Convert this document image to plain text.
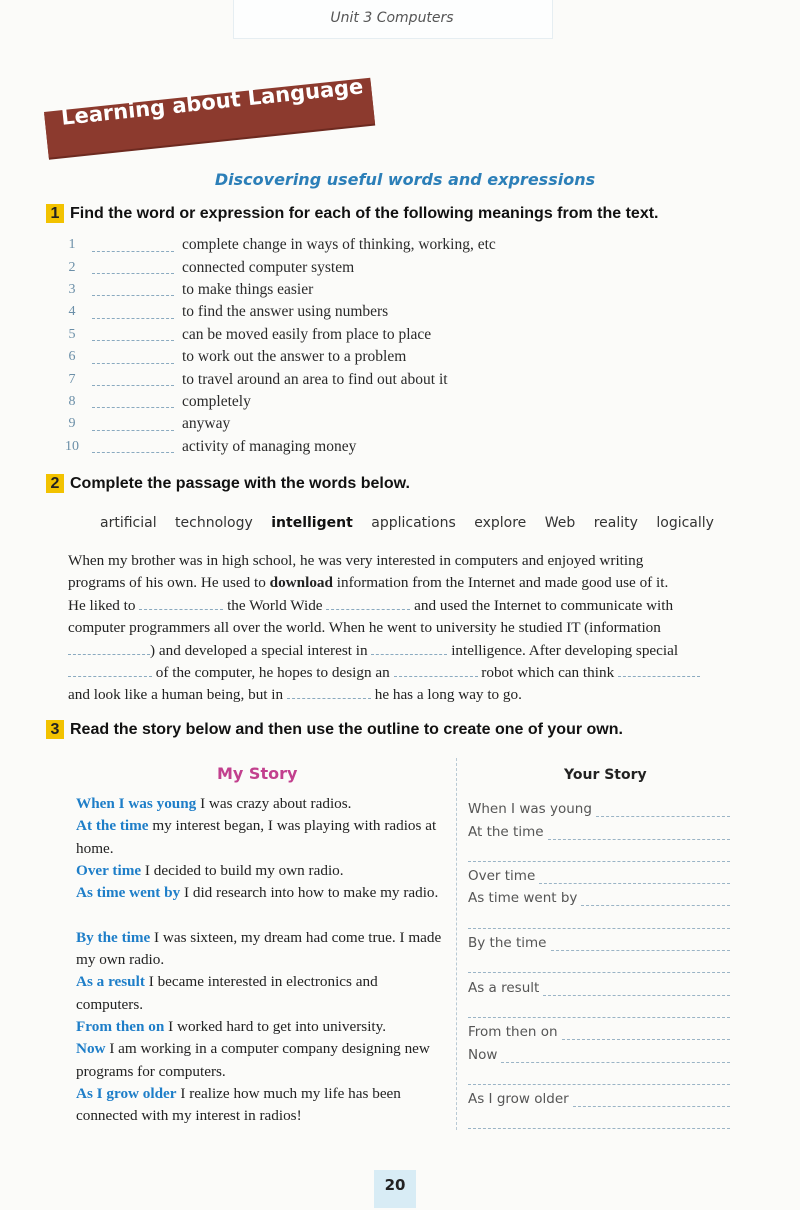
Unit 3 Computers
Learning about Language
Discovering useful words and expressions
1 Find the word or expression for each of the following meanings from the text.
1	complete change in ways of thinking, working, etc
2	connected computer system
3	to make things easier
4	to find the answer using numbers
5	can be moved easily from place to place
6	to work out the answer to a problem
7	to travel around an area to find out about it
8	completely
9	anyway
10	activity of managing money
2 Complete the passage with the words below.
artificial technology intelligent applications explore Web reality logically
When my brother was in high school, he was very interested in computers and enjoyed writing
programs of his own. He used to download information from the Internet and made good use of it.
He liked to	the World Wide	and used the Internet to communicate with
computer programmers all over the world. When he went to university he studied IT (information
) and developed a special interest in	intelligence. After developing special
of the computer, he hopes to design an	robot which can think
and look like a human being, but in	he has a long way to go.
3 Read the story below and then use the outline to create one of your own.
My Story	Your Story

When I was young I was crazy about radios.

At the time my interest began, I was playing with radios at home.

Over time I decided to build my own radio.

As time went by I did research into how to make my radio.

By the time I was sixteen, my dream had come true. I made my own radio.

As a result I became interested in electronics and computers.

From then on I worked hard to get into university.

Now I am working in a computer company designing new programs for computers.

As I grow older I realize how much my life has been connected with my interest in radios!

When I was young
At the time
Over time
As time went by
By the time
As a result
From then on
Now
As I grow older
20
